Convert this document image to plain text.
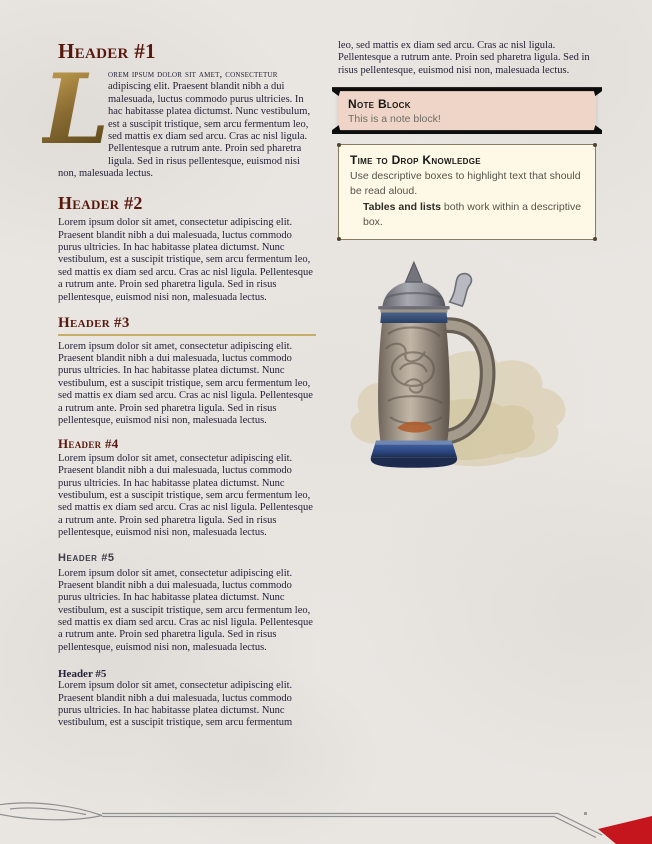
Header #1

L
orem ipsum dolor sit amet, consectetur adipiscing elit. Praesent blandit nibh a dui malesuada, luctus commodo purus ultricies. In hac habitasse platea dictumst. Nunc vestibulum, est a suscipit tristique, sem arcu fermentum leo, sed mattis ex diam sed arcu. Cras ac nisl ligula. Pellentesque a rutrum ante. Proin sed pharetra ligula. Sed in risus pellentesque, euismod nisi non, malesuada lectus.

Header #2

Lorem ipsum dolor sit amet, consectetur adipiscing elit. Praesent blandit nibh a dui malesuada, luctus commodo purus ultricies. In hac habitasse platea dictumst. Nunc vestibulum, est a suscipit tristique, sem arcu fermentum leo, sed mattis ex diam sed arcu. Cras ac nisl ligula. Pellentesque a rutrum ante. Proin sed pharetra ligula. Sed in risus pellentesque, euismod nisi non, malesuada lectus.

Header #3

Lorem ipsum dolor sit amet, consectetur adipiscing elit. Praesent blandit nibh a dui malesuada, luctus commodo purus ultricies. In hac habitasse platea dictumst. Nunc vestibulum, est a suscipit tristique, sem arcu fermentum leo, sed mattis ex diam sed arcu. Cras ac nisl ligula. Pellentesque a rutrum ante. Proin sed pharetra ligula. Sed in risus pellentesque, euismod nisi non, malesuada lectus.

Header #4

Lorem ipsum dolor sit amet, consectetur adipiscing elit. Praesent blandit nibh a dui malesuada, luctus commodo purus ultricies. In hac habitasse platea dictumst. Nunc vestibulum, est a suscipit tristique, sem arcu fermentum leo, sed mattis ex diam sed arcu. Cras ac nisl ligula. Pellentesque a rutrum ante. Proin sed pharetra ligula. Sed in risus pellentesque, euismod nisi non, malesuada lectus.

Header #5

Lorem ipsum dolor sit amet, consectetur adipiscing elit. Praesent blandit nibh a dui malesuada, luctus commodo purus ultricies. In hac habitasse platea dictumst. Nunc vestibulum, est a suscipit tristique, sem arcu fermentum leo, sed mattis ex diam sed arcu. Cras ac nisl ligula. Pellentesque a rutrum ante. Proin sed pharetra ligula. Sed in risus pellentesque, euismod nisi non, malesuada lectus.

Header #5

Lorem ipsum dolor sit amet, consectetur adipiscing elit. Praesent blandit nibh a dui malesuada, luctus commodo purus ultricies. In hac habitasse platea dictumst. Nunc vestibulum, est a suscipit tristique, sem arcu fermentum

leo, sed mattis ex diam sed arcu. Cras ac nisl ligula. Pellentesque a rutrum ante. Proin sed pharetra ligula. Sed in risus pellentesque, euismod nisi non, malesuada lectus.

Note Block

This is a note block!

Time to Drop Knowledge

Use descriptive boxes to highlight text that should be read aloud.

Tables and lists both work within a descriptive box.
